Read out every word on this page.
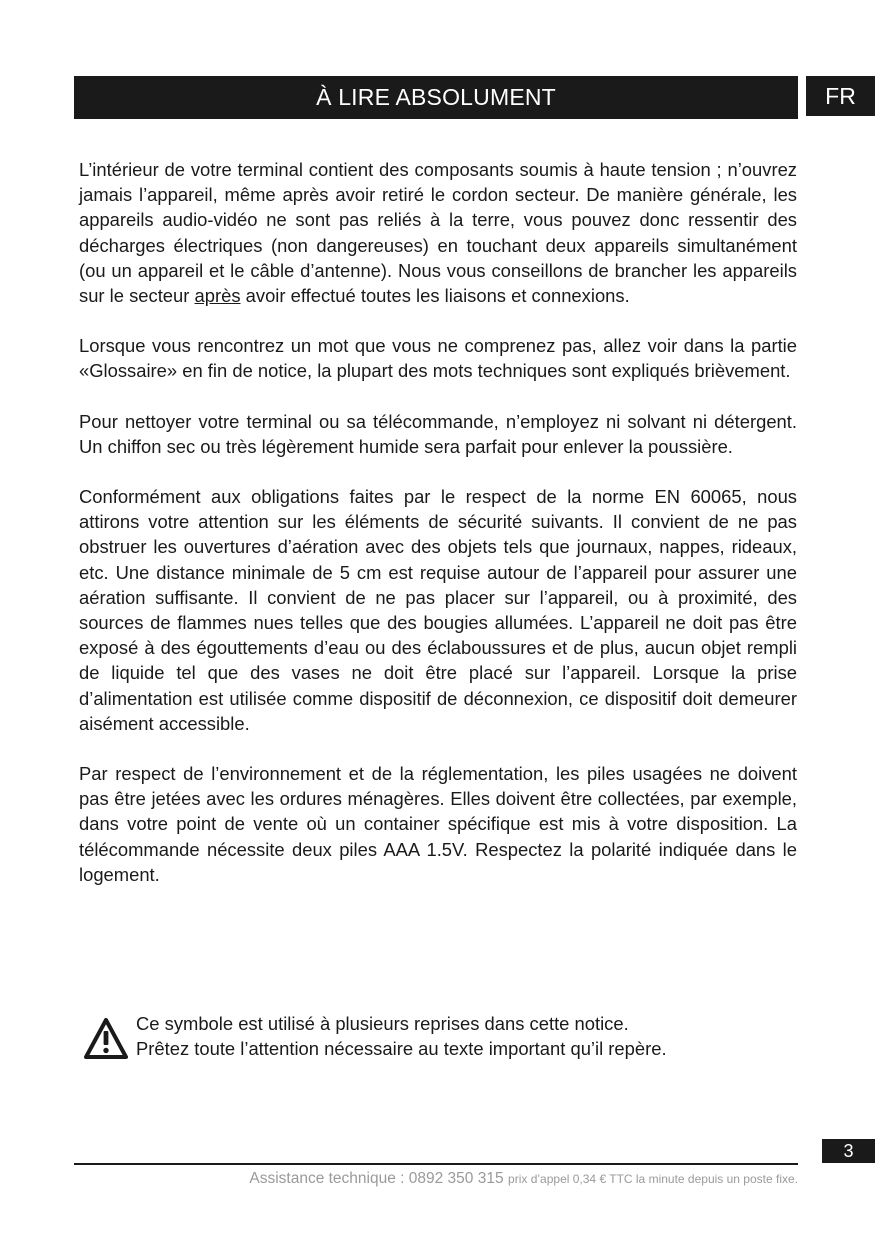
À LIRE ABSOLUMENT	FR

L’intérieur de votre terminal contient des composants soumis à haute tension ; n’ouvrez jamais l’appareil, même après avoir retiré le cordon secteur. De manière générale, les appareils audio-vidéo ne sont pas reliés à la terre, vous pouvez donc ressentir des décharges électriques (non dangereuses) en touchant deux appareils simultanément (ou un appareil et le câble d’antenne). Nous vous conseillons de brancher les appareils sur le secteur après avoir effectué toutes les liaisons et connexions.

Lorsque vous rencontrez un mot que vous ne comprenez pas, allez voir dans la partie «Glossaire» en fin de notice, la plupart des mots techniques sont expliqués brièvement.

Pour nettoyer votre terminal ou sa télécommande, n’employez ni solvant ni détergent. Un chiffon sec ou très légèrement humide sera parfait pour enlever la poussière.

Conformément aux obligations faites par le respect de la norme EN 60065, nous attirons votre attention sur les éléments de sécurité suivants. Il convient de ne pas obstruer les ouvertures d’aération avec des objets tels que journaux, nappes, rideaux, etc. Une distance minimale de 5 cm est requise autour de l’appareil pour assurer une aération suffisante. Il convient de ne pas placer sur l’appareil, ou à proximité, des sources de flammes nues telles que des bougies allumées. L’appareil ne doit pas être exposé à des égouttements d’eau ou des éclaboussures et de plus, aucun objet rempli de liquide tel que des vases ne doit être placé sur l’appareil. Lorsque la prise d’alimentation est utilisée comme dispositif de déconnexion, ce dispositif doit demeurer aisément accessible.

Par respect de l’environnement et de la réglementation, les piles usagées ne doivent pas être jetées avec les ordures ménagères. Elles doivent être collectées, par exemple, dans votre point de vente où un container spécifique est mis à votre disposition. La télécommande nécessite deux piles AAA 1.5V. Respectez la polarité indiquée dans le logement.

Ce symbole est utilisé à plusieurs reprises dans cette notice.
Prêtez toute l’attention nécessaire au texte important qu’il repère.
3
Assistance technique : 0892 350 315 prix d’appel 0,34 € TTC la minute depuis un poste fixe.
